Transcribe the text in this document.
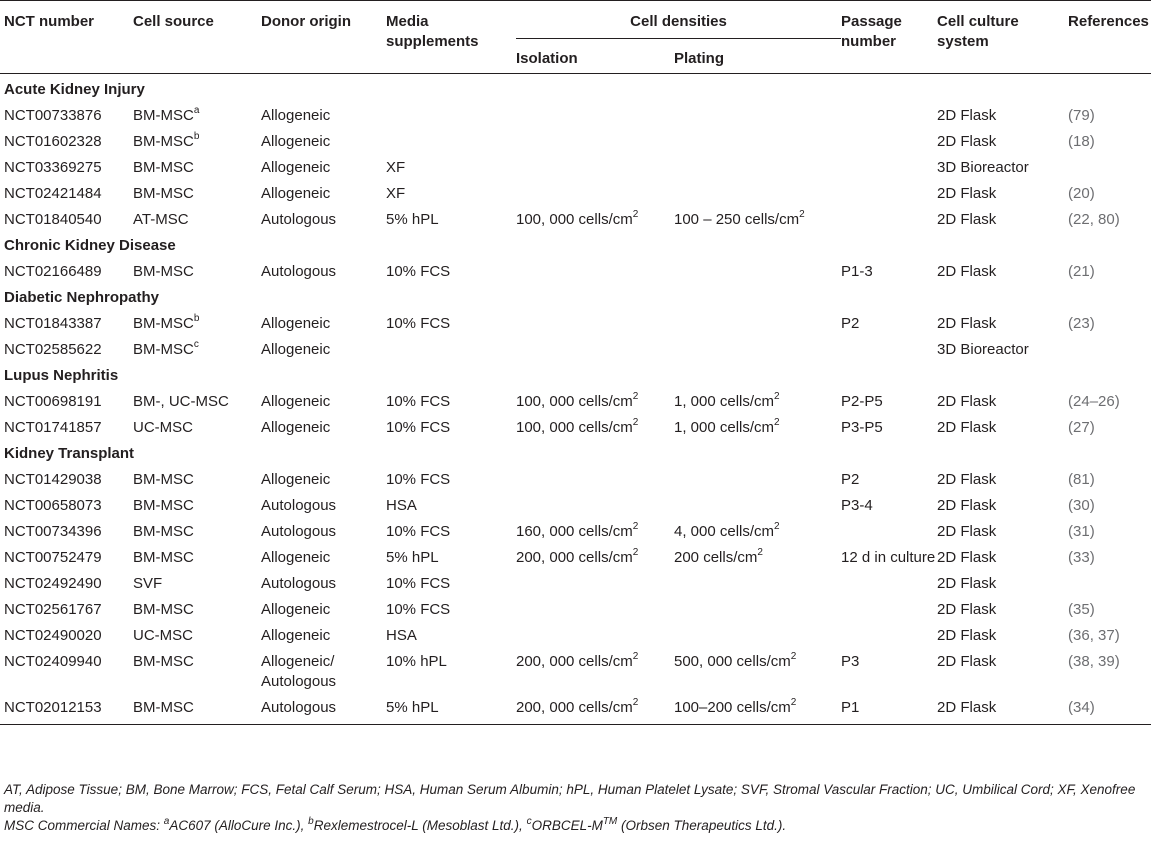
NCT number	Cell source	Donor origin	Media supplements	Cell densities		Passage number	Cell culture system	References
				Isolation	Plating			
Acute Kidney Injury								
NCT00733876	BM-MSC$^a$	Allogeneic					2D Flask	(79)
NCT01602328	BM-MSC$^b$	Allogeneic					2D Flask	(18)
NCT03369275	BM-MSC	Allogeneic	XF				3D Bioreactor	
NCT02421484	BM-MSC	Allogeneic	XF				2D Flask	(20)
NCT01840540	AT-MSC	Autologous	5% hPL	100, 000 cells/$cm^2$	100 – 250 cells/$cm^2$		2D Flask	(22, 80)
Chronic Kidney Disease								
NCT02166489	BM-MSC	Autologous	10% FCS			P1-3	2D Flask	(21)
Diabetic Nephropathy								
NCT01843387	BM-MSC$^b$	Allogeneic	10% FCS			P2	2D Flask	(23)
NCT02585622	BM-MSC$^c$	Allogeneic					3D Bioreactor	
Lupus Nephritis								
NCT00698191	BM-, UC-MSC	Allogeneic	10% FCS	100, 000 cells/$cm^2$	1, 000 cells/$cm^2$	P2-P5	2D Flask	(24–26)
NCT01741857	UC-MSC	Allogeneic	10% FCS	100, 000 cells/$cm^2$	1, 000 cells/$cm^2$	P3-P5	2D Flask	(27)
Kidney Transplant								
NCT01429038	BM-MSC	Allogeneic	10% FCS			P2	2D Flask	(81)
NCT00658073	BM-MSC	Autologous	HSA			P3-4	2D Flask	(30)
NCT00734396	BM-MSC	Autologous	10% FCS	160, 000 cells/$cm^2$	4, 000 cells/$cm^2$		2D Flask	(31)
NCT00752479	BM-MSC	Allogeneic	5% hPL	200, 000 cells/$cm^2$	200 cells/$cm^2$	12 d in culture	2D Flask	(33)
NCT02492490	SVF	Autologous	10% FCS				2D Flask	
NCT02561767	BM-MSC	Allogeneic	10% FCS				2D Flask	(35)
NCT02490020	UC-MSC	Allogeneic	HSA				2D Flask	(36, 37)
NCT02409940	BM-MSC	Allogeneic/ Autologous	10% hPL	200, 000 cells/$cm^2$	500, 000 cells/$cm^2$	P3	2D Flask	(38, 39)
NCT02012153	BM-MSC	Autologous	5% hPL	200, 000 cells/$cm^2$	100–200 cells/$cm^2$	P1	2D Flask	(34)

AT, Adipose Tissue; BM, Bone Marrow; FCS, Fetal Calf Serum; HSA, Human Serum Albumin; hPL, Human Platelet Lysate; SVF, Stromal Vascular Fraction; UC, Umbilical Cord; XF, Xenofree media.

MSC Commercial Names: $^a$AC607 (AlloCure Inc.), $^b$Rexlemestrocel-L (Mesoblast Ltd.), $^c$ORBCEL-M™ (Orbsen Therapeutics Ltd.).
